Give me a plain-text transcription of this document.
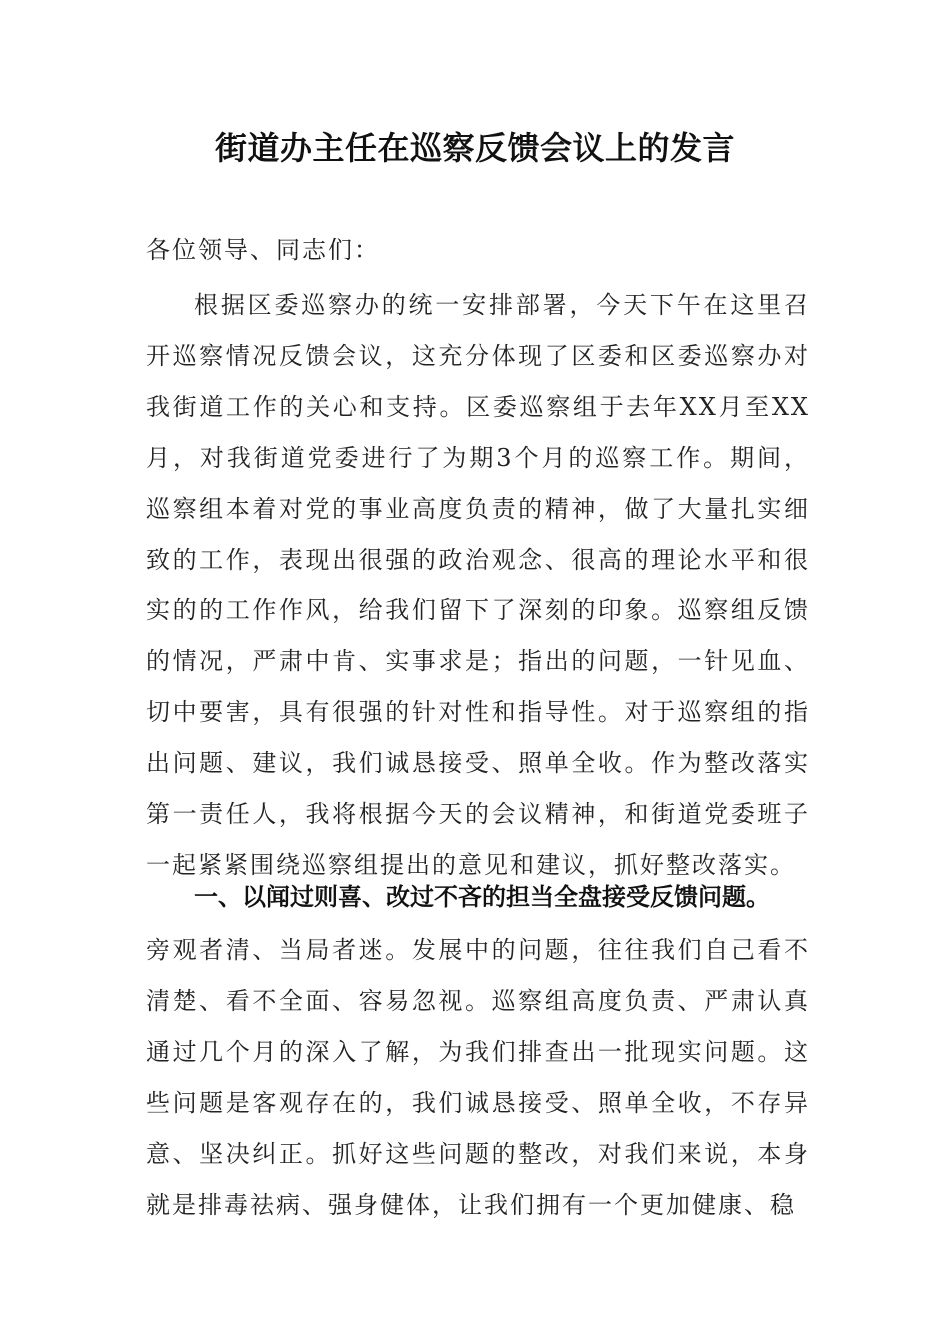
街道办主任在巡察反馈会议上的发言
各位领导、同志们：
根据区委巡察办的统一安排部署，今天下午在这里召开巡察情况反馈会议，这充分体现了区委和区委巡察办对我街道工作的关心和支持。区委巡察组于去年XX月至XX月，对我街道党委进行了为期3个月的巡察工作。期间，巡察组本着对党的事业高度负责的精神，做了大量扎实细致的工作，表现出很强的政治观念、很高的理论水平和很实的的工作作风，给我们留下了深刻的印象。巡察组反馈的情况，严肃中肯、实事求是；指出的问题，一针见血、切中要害，具有很强的针对性和指导性。对于巡察组的指出问题、建议，我们诚恳接受、照单全收。作为整改落实第一责任人，我将根据今天的会议精神，和街道党委班子一起紧紧围绕巡察组提出的意见和建议，抓好整改落实。
一、以闻过则喜、改过不吝的担当全盘接受反馈问题。
旁观者清、当局者迷。发展中的问题，往往我们自己看不清楚、看不全面、容易忽视。巡察组高度负责、严肃认真通过几个月的深入了解，为我们排查出一批现实问题。这些问题是客观存在的，我们诚恳接受、照单全收，不存异意、坚决纠正。抓好这些问题的整改，对我们来说，本身就是排毒祛病、强身健体，让我们拥有一个更加健康、稳
